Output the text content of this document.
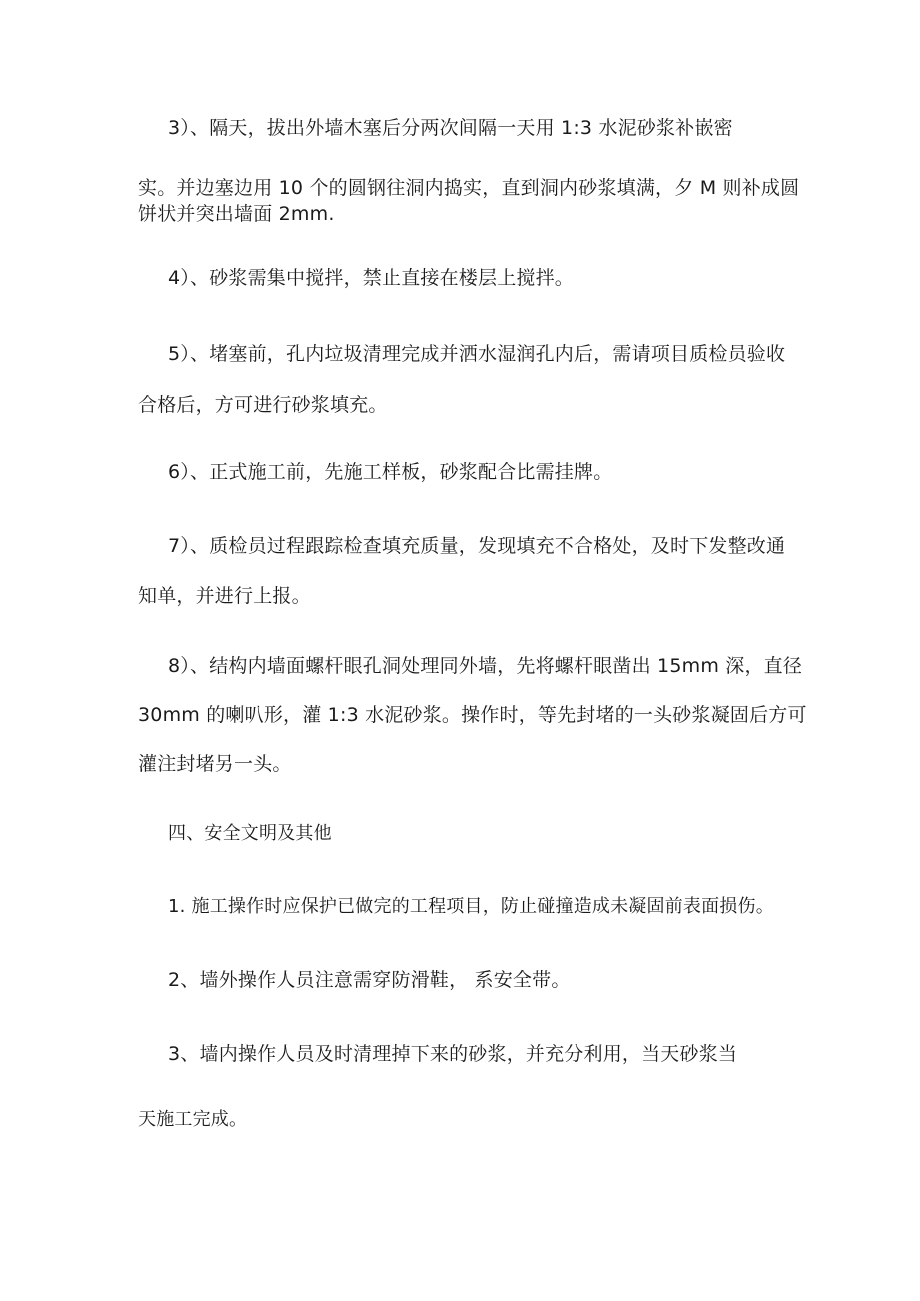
3）、隔天，拔出外墙木塞后分两次间隔一天用 1:3 水泥砂浆补嵌密
实。并边塞边用 10 个的圆钢往洞内捣实，直到洞内砂浆填满，夕 M 则补成圆
饼状并突出墙面 2mm.
4）、砂浆需集中搅拌，禁止直接在楼层上搅拌。
5）、堵塞前，孔内垃圾清理完成并洒水湿润孔内后，需请项目质检员验收
合格后，方可进行砂浆填充。
6）、正式施工前，先施工样板，砂浆配合比需挂牌。
7）、质检员过程跟踪检查填充质量，发现填充不合格处，及时下发整改通
知单，并进行上报。
8）、结构内墙面螺杆眼孔洞处理同外墙，先将螺杆眼凿出 15mm 深，直径
30mm 的喇叭形，灌 1:3 水泥砂浆。操作时，等先封堵的一头砂浆凝固后方可
灌注封堵另一头。
四、安全文明及其他
1. 施工操作时应保护已做完的工程项目，防止碰撞造成未凝固前表面损伤。
2、墙外操作人员注意需穿防滑鞋， 系安全带。
3、墙内操作人员及时清理掉下来的砂浆，并充分利用，当天砂浆当
天施工完成。
